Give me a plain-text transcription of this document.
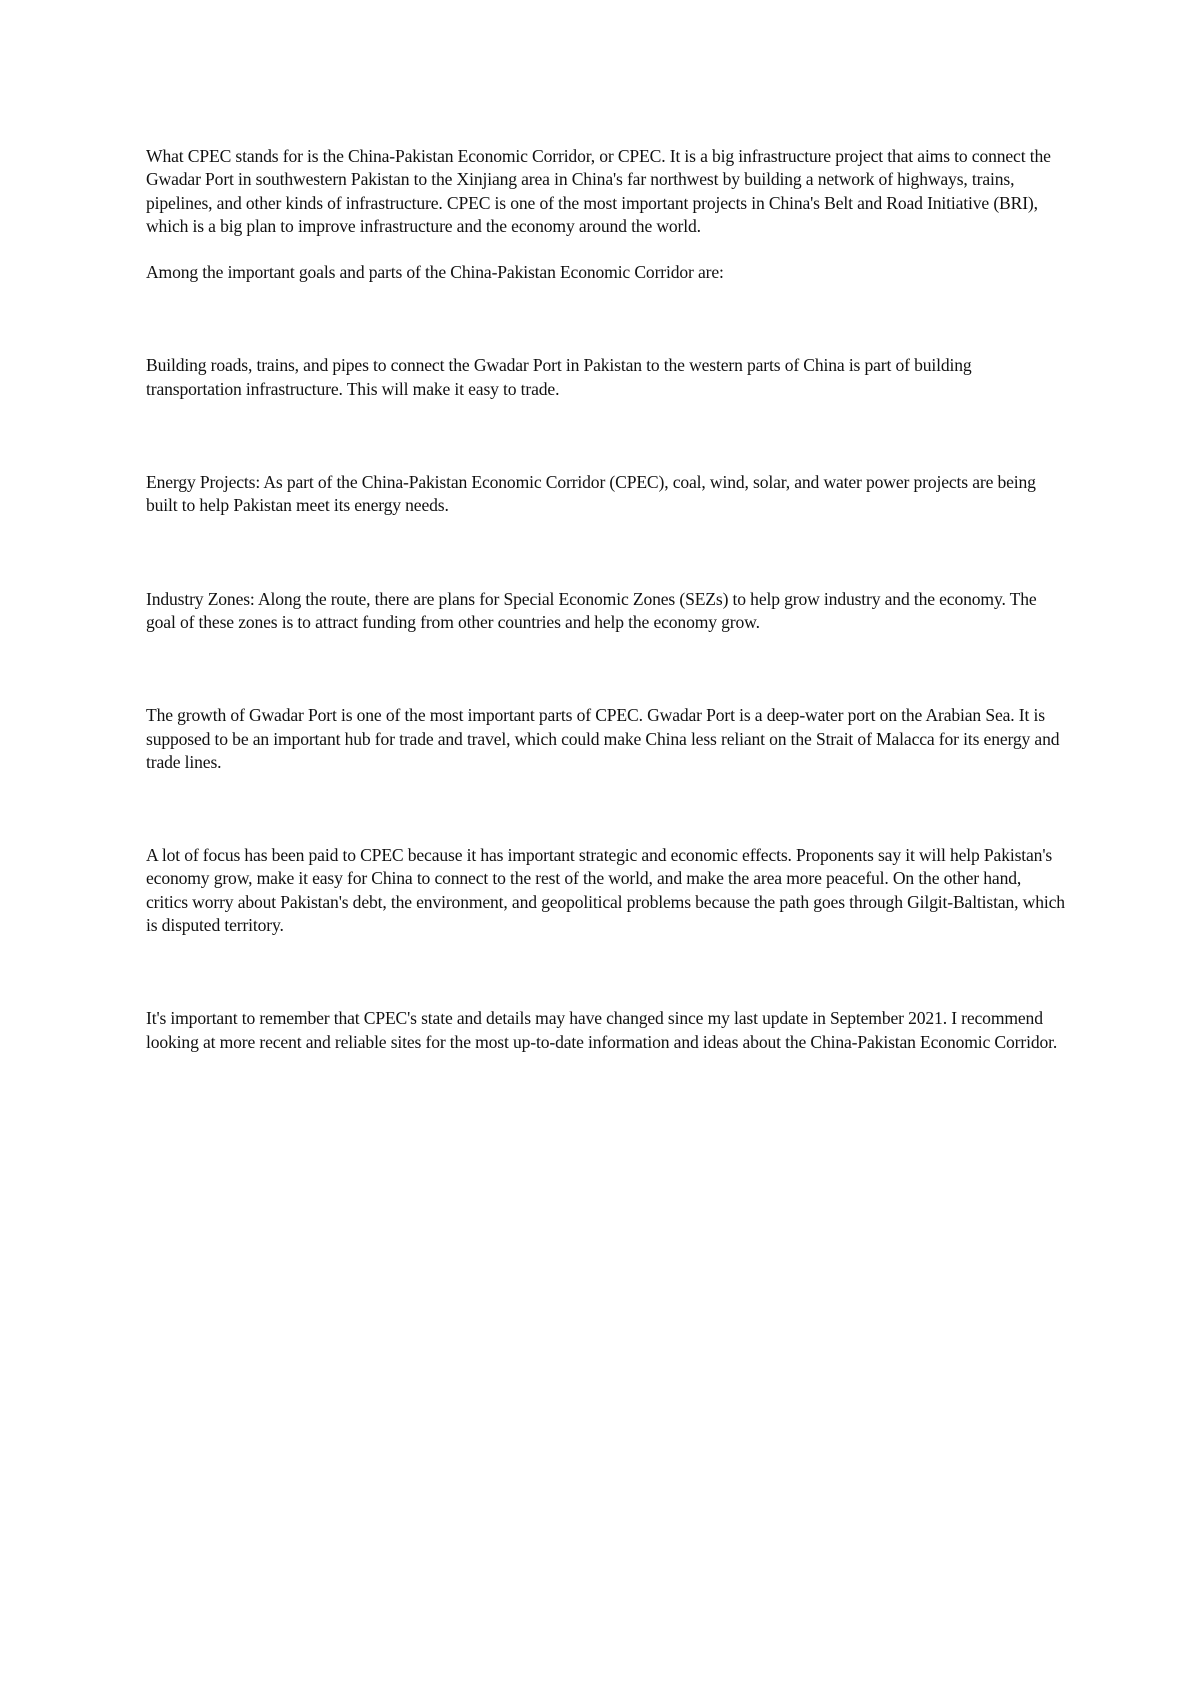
What CPEC stands for is the China-Pakistan Economic Corridor, or CPEC. It is a big infrastructure project that aims to connect the Gwadar Port in southwestern Pakistan to the Xinjiang area in China's far northwest by building a network of highways, trains, pipelines, and other kinds of infrastructure. CPEC is one of the most important projects in China's Belt and Road Initiative (BRI), which is a big plan to improve infrastructure and the economy around the world.

Among the important goals and parts of the China-Pakistan Economic Corridor are:

Building roads, trains, and pipes to connect the Gwadar Port in Pakistan to the western parts of China is part of building transportation infrastructure. This will make it easy to trade.

Energy Projects: As part of the China-Pakistan Economic Corridor (CPEC), coal, wind, solar, and water power projects are being built to help Pakistan meet its energy needs.

Industry Zones: Along the route, there are plans for Special Economic Zones (SEZs) to help grow industry and the economy. The goal of these zones is to attract funding from other countries and help the economy grow.

The growth of Gwadar Port is one of the most important parts of CPEC. Gwadar Port is a deep-water port on the Arabian Sea. It is supposed to be an important hub for trade and travel, which could make China less reliant on the Strait of Malacca for its energy and trade lines.

A lot of focus has been paid to CPEC because it has important strategic and economic effects. Proponents say it will help Pakistan's economy grow, make it easy for China to connect to the rest of the world, and make the area more peaceful. On the other hand, critics worry about Pakistan's debt, the environment, and geopolitical problems because the path goes through Gilgit-Baltistan, which is disputed territory.

It's important to remember that CPEC's state and details may have changed since my last update in September 2021. I recommend looking at more recent and reliable sites for the most up-to-date information and ideas about the China-Pakistan Economic Corridor.
